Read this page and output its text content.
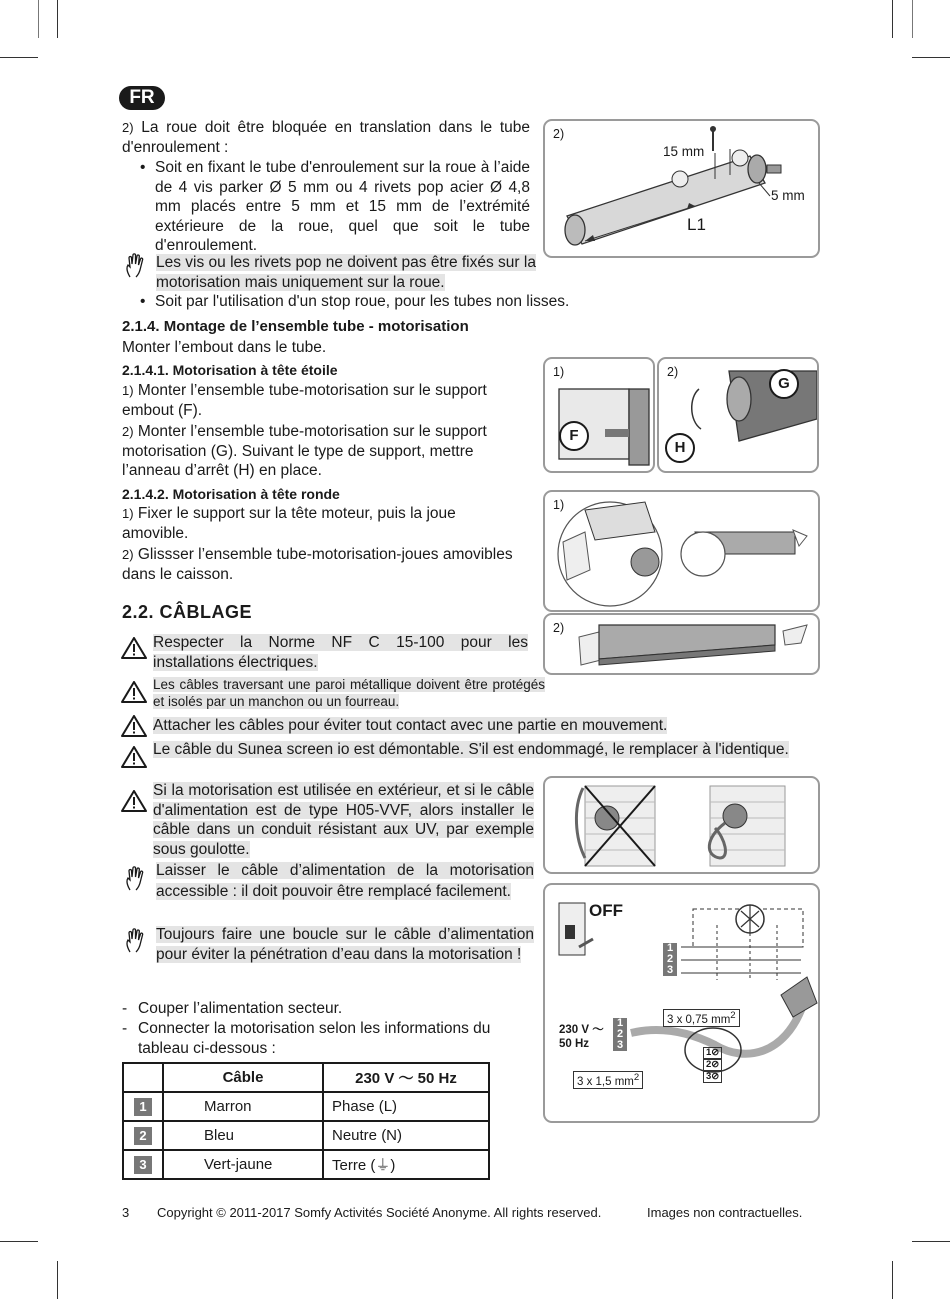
FR
2) La roue doit être bloquée en translation dans le tube d'enroulement :
• Soit en fixant le tube d'enroulement sur la roue à l’aide de 4 vis parker Ø 5 mm ou 4 rivets pop acier Ø 4,8 mm placés entre 5 mm et 15 mm de l’extrémité extérieure de la roue, quel que soit le tube d'enroulement.
Les vis ou les rivets pop ne doivent pas être fixés sur la motorisation mais uniquement sur la roue.
• Soit par l'utilisation d'un stop roue, pour les tubes non lisses.
2)
15 mm
5 mm
L1
2.1.4. Montage de l’ensemble tube - motorisation
Monter l’embout dans le tube.
2.1.4.1. Motorisation à tête étoile
1) Monter l’ensemble tube-motorisation sur le support embout (F).
2) Monter l’ensemble tube-motorisation sur le support motorisation (G). Suivant le type de support, mettre l’anneau d’arrêt (H) en place.
1)
F
2)
G
H
2.1.4.2. Motorisation à tête ronde
1) Fixer le support sur la tête moteur, puis la joue amovible.
2) Glissser l’ensemble tube-motorisation-joues amovibles dans le caisson.
1)
2)
2.2. CÂBLAGE
Respecter la Norme NF C 15-100 pour les installations électriques.
Les câbles traversant une paroi métallique doivent être protégés et isolés par un manchon ou un fourreau.
Attacher les câbles pour éviter tout contact avec une partie en mouvement.
Le câble du Sunea screen io est démontable. S'il est endommagé, le remplacer à l'identique.
Si la motorisation est utilisée en extérieur, et si le câble d'alimentation est de type H05-VVF, alors installer le câble dans un conduit résistant aux UV, par exemple sous goulotte.
Laisser le câble d’alimentation de la motorisation accessible : il doit pouvoir être remplacé facilement.
Toujours faire une boucle sur le câble d’alimentation pour éviter la pénétration d’eau dans la motorisation !
OFF
1
2
3
230 V ～
50 Hz
1
2
3
3 x 0,75 $mm^2$
3 x 1,5 $mm^2$
1⊘
2⊘
3⊘
- Couper l’alimentation secteur.
- Connecter la motorisation selon les informations du tableau ci-dessous :
	Câble	230 V ～ 50 Hz
1	Marron	Phase (L)
2	Bleu	Neutre (N)
3	Vert-jaune	Terre (⏚)
3 Copyright © 2011-2017 Somfy Activités Société Anonyme. All rights reserved.	Images non contractuelles.
